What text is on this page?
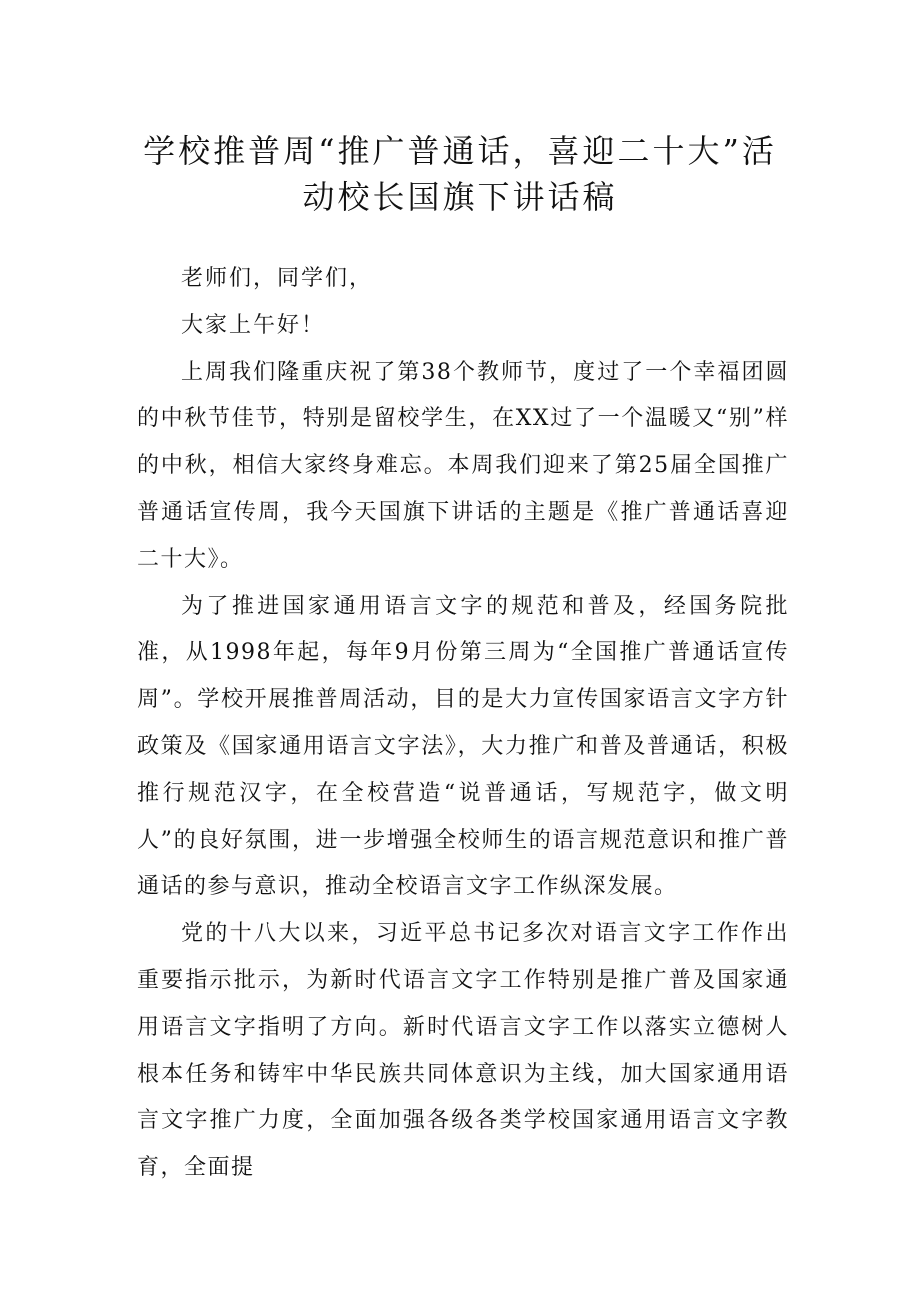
学校推普周“推广普通话，喜迎二十大”活
动校长国旗下讲话稿

老师们，同学们，

大家上午好！

上周我们隆重庆祝了第38个教师节，度过了一个幸福团圆的中秋节佳节，特别是留校学生，在XX过了一个温暖又“别”样的中秋，相信大家终身难忘。本周我们迎来了第25届全国推广普通话宣传周，我今天国旗下讲话的主题是《推广普通话喜迎二十大》。

为了推进国家通用语言文字的规范和普及，经国务院批准，从1998年起，每年9月份第三周为“全国推广普通话宣传周”。学校开展推普周活动，目的是大力宣传国家语言文字方针政策及《国家通用语言文字法》，大力推广和普及普通话，积极推行规范汉字，在全校营造“说普通话，写规范字，做文明人”的良好氛围，进一步增强全校师生的语言规范意识和推广普通话的参与意识，推动全校语言文字工作纵深发展。

党的十八大以来，习近平总书记多次对语言文字工作作出重要指示批示，为新时代语言文字工作特别是推广普及国家通用语言文字指明了方向。新时代语言文字工作以落实立德树人根本任务和铸牢中华民族共同体意识为主线，加大国家通用语言文字推广力度，全面加强各级各类学校国家通用语言文字教育，全面提
